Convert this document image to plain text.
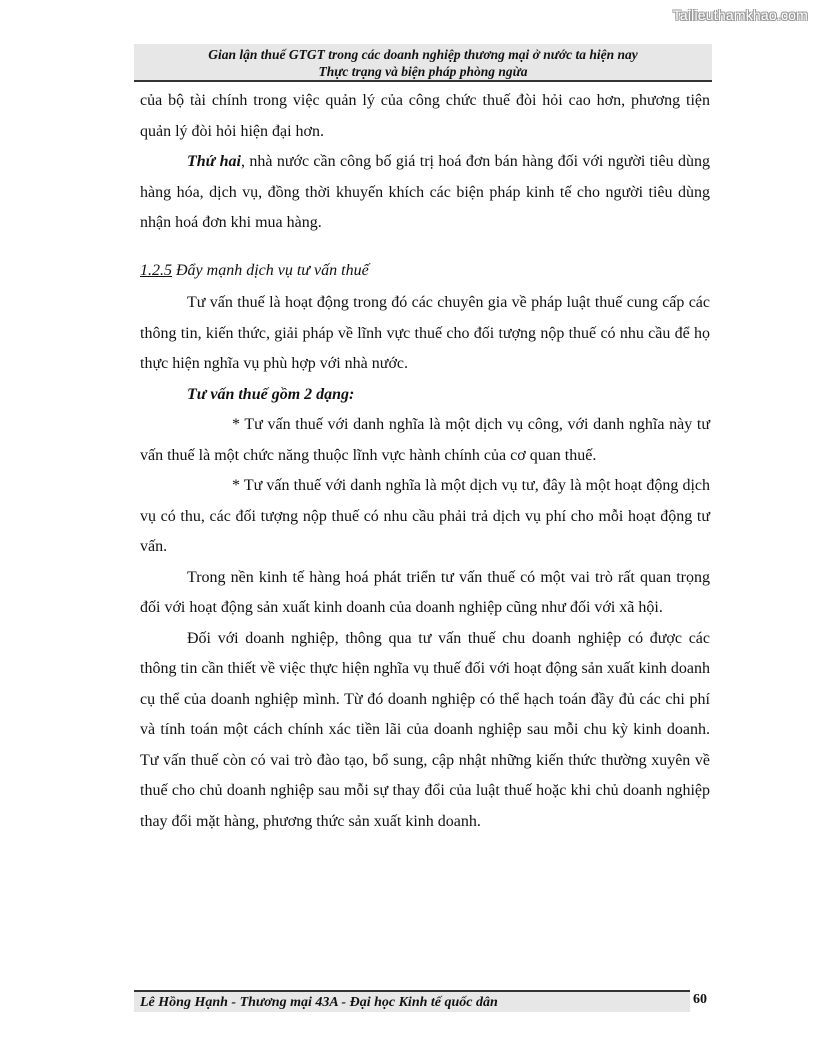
Tailieuthamkhao.com
Gian lận thuế GTGT trong các doanh nghiệp thương mại ở nước ta hiện nay
Thực trạng và biện pháp phòng ngừa

của bộ tài chính trong việc quản lý của công chức thuế đòi hỏi cao hơn, phương tiện quản lý đòi hỏi hiện đại hơn.

Thứ hai, nhà nước cần công bố giá trị hoá đơn bán hàng đối với người tiêu dùng hàng hóa, dịch vụ, đồng thời khuyến khích các biện pháp kinh tế cho người tiêu dùng nhận hoá đơn khi mua hàng.

1.2.5 Đẩy mạnh dịch vụ tư vấn thuế

Tư vấn thuế là hoạt động trong đó các chuyên gia về pháp luật thuế cung cấp các thông tin, kiến thức, giải pháp về lĩnh vực thuế cho đối tượng nộp thuế có nhu cầu để họ thực hiện nghĩa vụ phù hợp với nhà nước.

Tư vấn thuế gồm 2 dạng:

* Tư vấn thuế với danh nghĩa là một dịch vụ công, với danh nghĩa này tư vấn thuế là một chức năng thuộc lĩnh vực hành chính của cơ quan thuế.

* Tư vấn thuế với danh nghĩa là một dịch vụ tư, đây là một hoạt động dịch vụ có thu, các đối tượng nộp thuế có nhu cầu phải trả dịch vụ phí cho mỗi hoạt động tư vấn.

Trong nền kinh tế hàng hoá phát triển tư vấn thuế có một vai trò rất quan trọng đối với hoạt động sản xuất kinh doanh của doanh nghiệp cũng như đối với xã hội.

Đối với doanh nghiệp, thông qua tư vấn thuế chu doanh nghiệp có được các thông tin cần thiết về việc thực hiện nghĩa vụ thuế đối với hoạt động sản xuất kinh doanh cụ thể của doanh nghiệp mình. Từ đó doanh nghiệp có thể hạch toán đầy đủ các chi phí và tính toán một cách chính xác tiền lãi của doanh nghiệp sau mỗi chu kỳ kinh doanh. Tư vấn thuế còn có vai trò đào tạo, bổ sung, cập nhật những kiến thức thường xuyên về thuế cho chủ doanh nghiệp sau mỗi sự thay đổi của luật thuế hoặc khi chủ doanh nghiệp thay đổi mặt hàng, phương thức sản xuất kinh doanh.

Lê Hồng Hạnh - Thương mại 43A - Đại học Kinh tế quốc dân	60
